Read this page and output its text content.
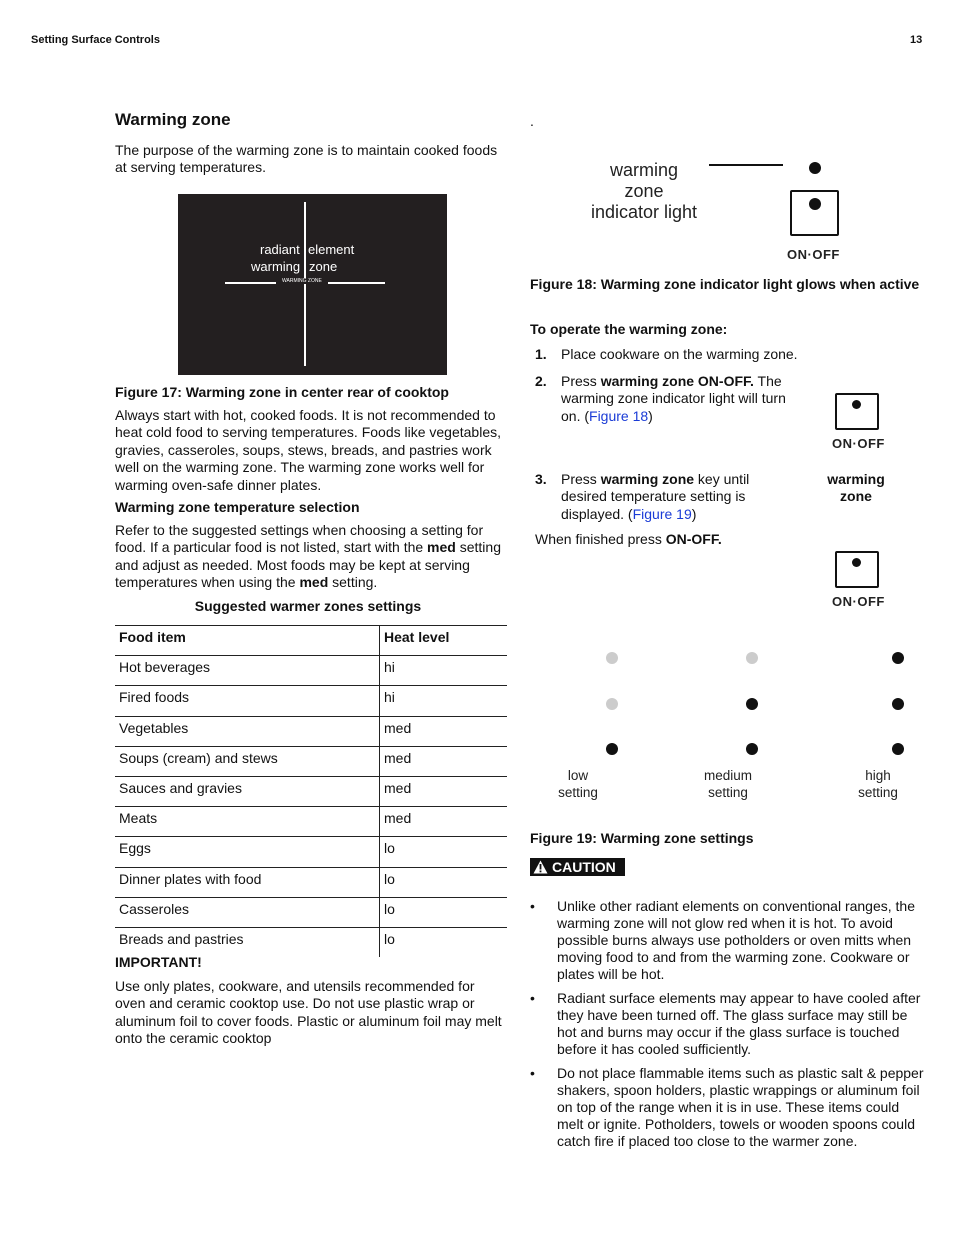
Setting Surface Controls	13
Warming zone
The purpose of the warming zone is to maintain cooked foods at serving temperatures.
radiant element
warming zone
WARMING ZONE
Figure 17: Warming zone in center rear of cooktop
Always start with hot, cooked foods. It is not recommended to heat cold food to serving temperatures. Foods like vegetables, gravies, casseroles, soups, stews, breads, and pastries work well on the warming zone. The warming zone works well for warming oven-safe dinner plates.
Warming zone temperature selection
Refer to the suggested settings when choosing a setting for food. If a particular food is not listed, start with the med setting and adjust as needed. Most foods may be kept at serving temperatures when using the med setting.
Suggested warmer zones settings
Food item	Heat level
Hot beverages	hi
Fired foods	hi
Vegetables	med
Soups (cream) and stews	med
Sauces and gravies	med
Meats	med
Eggs	lo
Dinner plates with food	lo
Casseroles	lo
Breads and pastries	lo
IMPORTANT!
Use only plates, cookware, and utensils recommended for oven and ceramic cooktop use. Do not use plastic wrap or aluminum foil to cover foods. Plastic or aluminum foil may melt onto the ceramic cooktop
.
warming
zone
indicator light
ON·OFF
Figure 18: Warming zone indicator light glows when active
To operate the warming zone:
1. Place cookware on the warming zone.
2. Press warming zone ON-OFF. The warming zone indicator light will turn on. (Figure 18)
ON·OFF
3. Press warming zone key until desired temperature setting is displayed. (Figure 19)
warming
zone
When finished press ON-OFF.
ON·OFF
low
setting
medium
setting
high
setting
Figure 19: Warming zone settings
CAUTION
• Unlike other radiant elements on conventional ranges, the warming zone will not glow red when it is hot. To avoid possible burns always use potholders or oven mitts when moving food to and from the warming zone. Cookware or plates will be hot.
• Radiant surface elements may appear to have cooled after they have been turned off. The glass surface may still be hot and burns may occur if the glass surface is touched before it has cooled sufficiently.
• Do not place flammable items such as plastic salt & pepper shakers, spoon holders, plastic wrappings or aluminum foil on top of the range when it is in use. These items could melt or ignite. Potholders, towels or wooden spoons could catch fire if placed too close to the warmer zone.
